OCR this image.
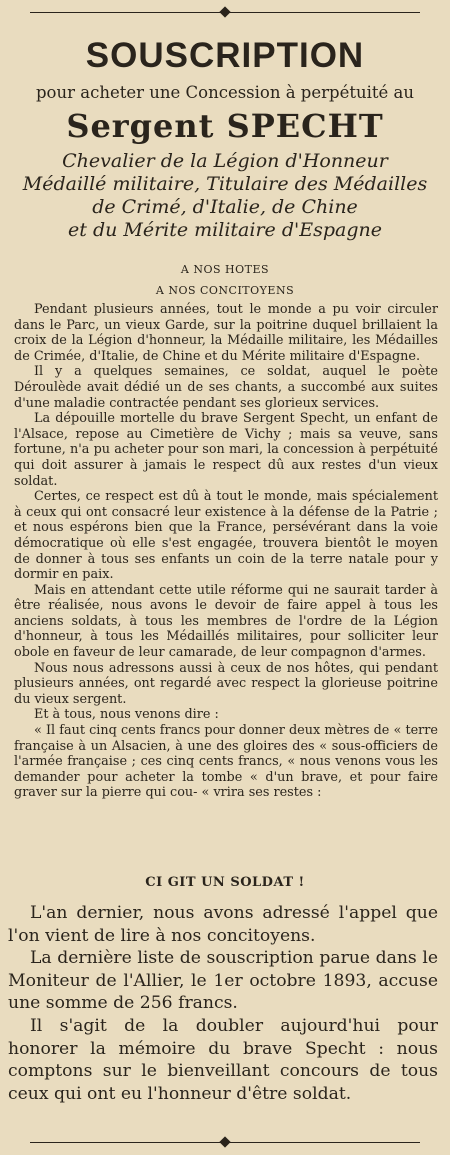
SOUSCRIPTION
pour acheter une Concession à perpétuité au
Sergent SPECHT
Chevalier de la Légion d'Honneur
Médaillé militaire, Titulaire des Médailles
de Crimé, d'Italie, de Chine
et du Mérite militaire d'Espagne
A NOS HOTES
A NOS CONCITOYENS

Pendant plusieurs années, tout le monde a pu voir circuler dans le Parc, un vieux Garde, sur la poitrine duquel brillaient la croix de la Légion d'honneur, la Médaille militaire, les Médailles de Crimée, d'Italie, de Chine et du Mérite militaire d'Espagne.

Il y a quelques semaines, ce soldat, auquel le poète Déroulède avait dédié un de ses chants, a succombé aux suites d'une maladie contractée pendant ses glorieux services.

La dépouille mortelle du brave Sergent Specht, un enfant de l'Alsace, repose au Cimetière de Vichy ; mais sa veuve, sans fortune, n'a pu acheter pour son mari, la concession à perpétuité qui doit assurer à jamais le respect dû aux restes d'un vieux soldat.

Certes, ce respect est dû à tout le monde, mais spécialement à ceux qui ont consacré leur existence à la défense de la Patrie ; et nous espérons bien que la France, persévérant dans la voie démocratique où elle s'est engagée, trouvera bientôt le moyen de donner à tous ses enfants un coin de la terre natale pour y dormir en paix.

Mais en attendant cette utile réforme qui ne saurait tarder à être réalisée, nous avons le devoir de faire appel à tous les anciens soldats, à tous les membres de l'ordre de la Légion d'honneur, à tous les Médaillés militaires, pour solliciter leur obole en faveur de leur camarade, de leur compagnon d'armes.

Nous nous adressons aussi à ceux de nos hôtes, qui pendant plusieurs années, ont regardé avec respect la glorieuse poitrine du vieux sergent.

Et à tous, nous venons dire :

« Il faut cinq cents francs pour donner deux mètres de « terre française à un Alsacien, à une des gloires des « sous-officiers de l'armée française ; ces cinq cents francs, « nous venons vous les demander pour acheter la tombe « d'un brave, et pour faire graver sur la pierre qui cou- « vrira ses restes :

CI GIT UN SOLDAT !

L'an dernier, nous avons adressé l'appel que l'on vient de lire à nos concitoyens.

La dernière liste de souscription parue dans le Moniteur de l'Allier, le 1er octobre 1893, accuse une somme de 256 francs.

Il s'agit de la doubler aujourd'hui pour honorer la mémoire du brave Specht : nous comptons sur le bienveillant concours de tous ceux qui ont eu l'honneur d'être soldat.
